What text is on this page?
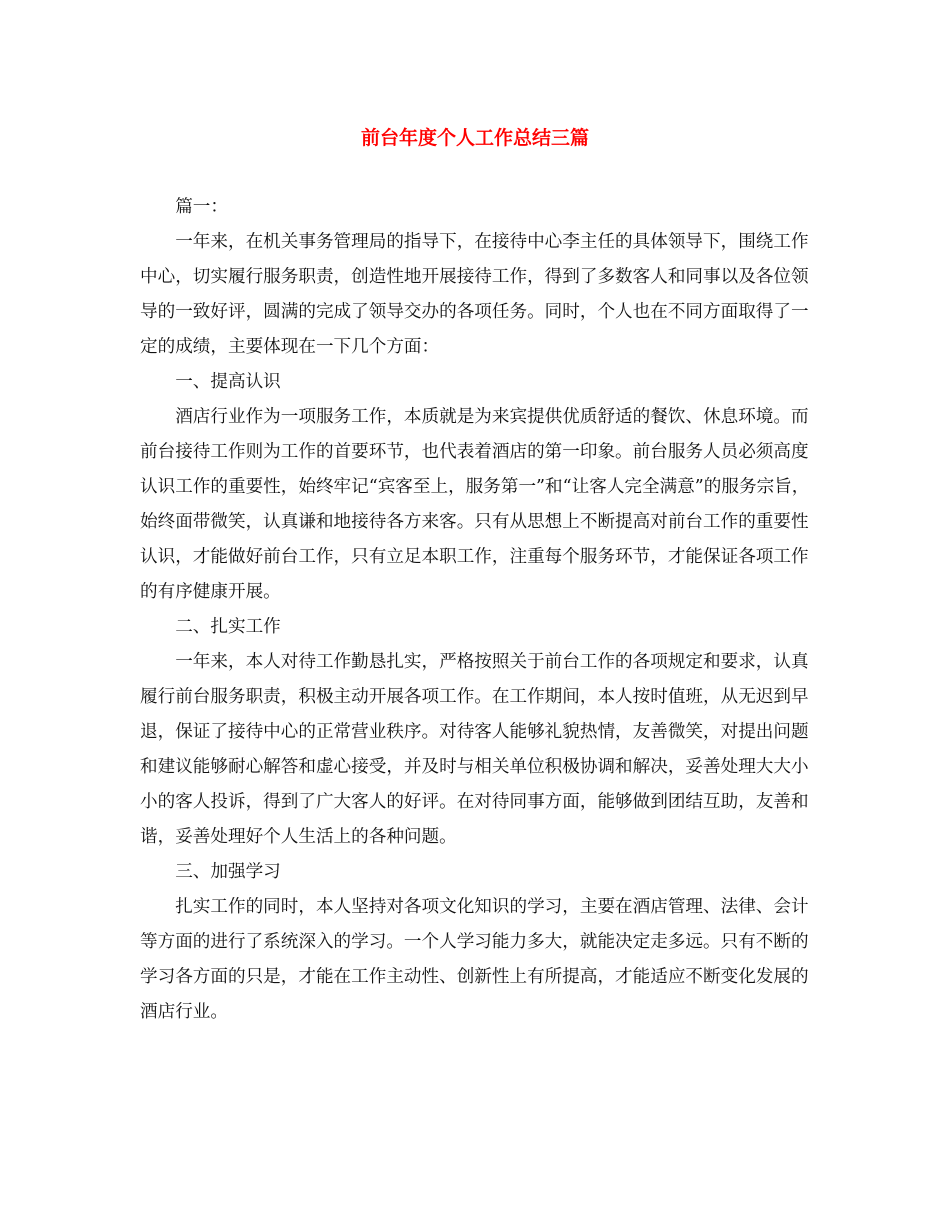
前台年度个人工作总结三篇

篇一：

一年来，在机关事务管理局的指导下，在接待中心李主任的具体领导下，围绕工作中心，切实履行服务职责，创造性地开展接待工作，得到了多数客人和同事以及各位领导的一致好评，圆满的完成了领导交办的各项任务。同时，个人也在不同方面取得了一定的成绩，主要体现在一下几个方面：

一、提高认识

酒店行业作为一项服务工作，本质就是为来宾提供优质舒适的餐饮、休息环境。而前台接待工作则为工作的首要环节，也代表着酒店的第一印象。前台服务人员必须高度认识工作的重要性，始终牢记“宾客至上，服务第一”和“让客人完全满意”的服务宗旨，始终面带微笑，认真谦和地接待各方来客。只有从思想上不断提高对前台工作的重要性认识，才能做好前台工作，只有立足本职工作，注重每个服务环节，才能保证各项工作的有序健康开展。

二、扎实工作

一年来，本人对待工作勤恳扎实，严格按照关于前台工作的各项规定和要求，认真履行前台服务职责，积极主动开展各项工作。在工作期间，本人按时值班，从无迟到早退，保证了接待中心的正常营业秩序。对待客人能够礼貌热情，友善微笑，对提出问题和建议能够耐心解答和虚心接受，并及时与相关单位积极协调和解决，妥善处理大大小小的客人投诉，得到了广大客人的好评。在对待同事方面，能够做到团结互助，友善和谐，妥善处理好个人生活上的各种问题。

三、加强学习

扎实工作的同时，本人坚持对各项文化知识的学习，主要在酒店管理、法律、会计等方面的进行了系统深入的学习。一个人学习能力多大，就能决定走多远。只有不断的学习各方面的只是，才能在工作主动性、创新性上有所提高，才能适应不断变化发展的酒店行业。
